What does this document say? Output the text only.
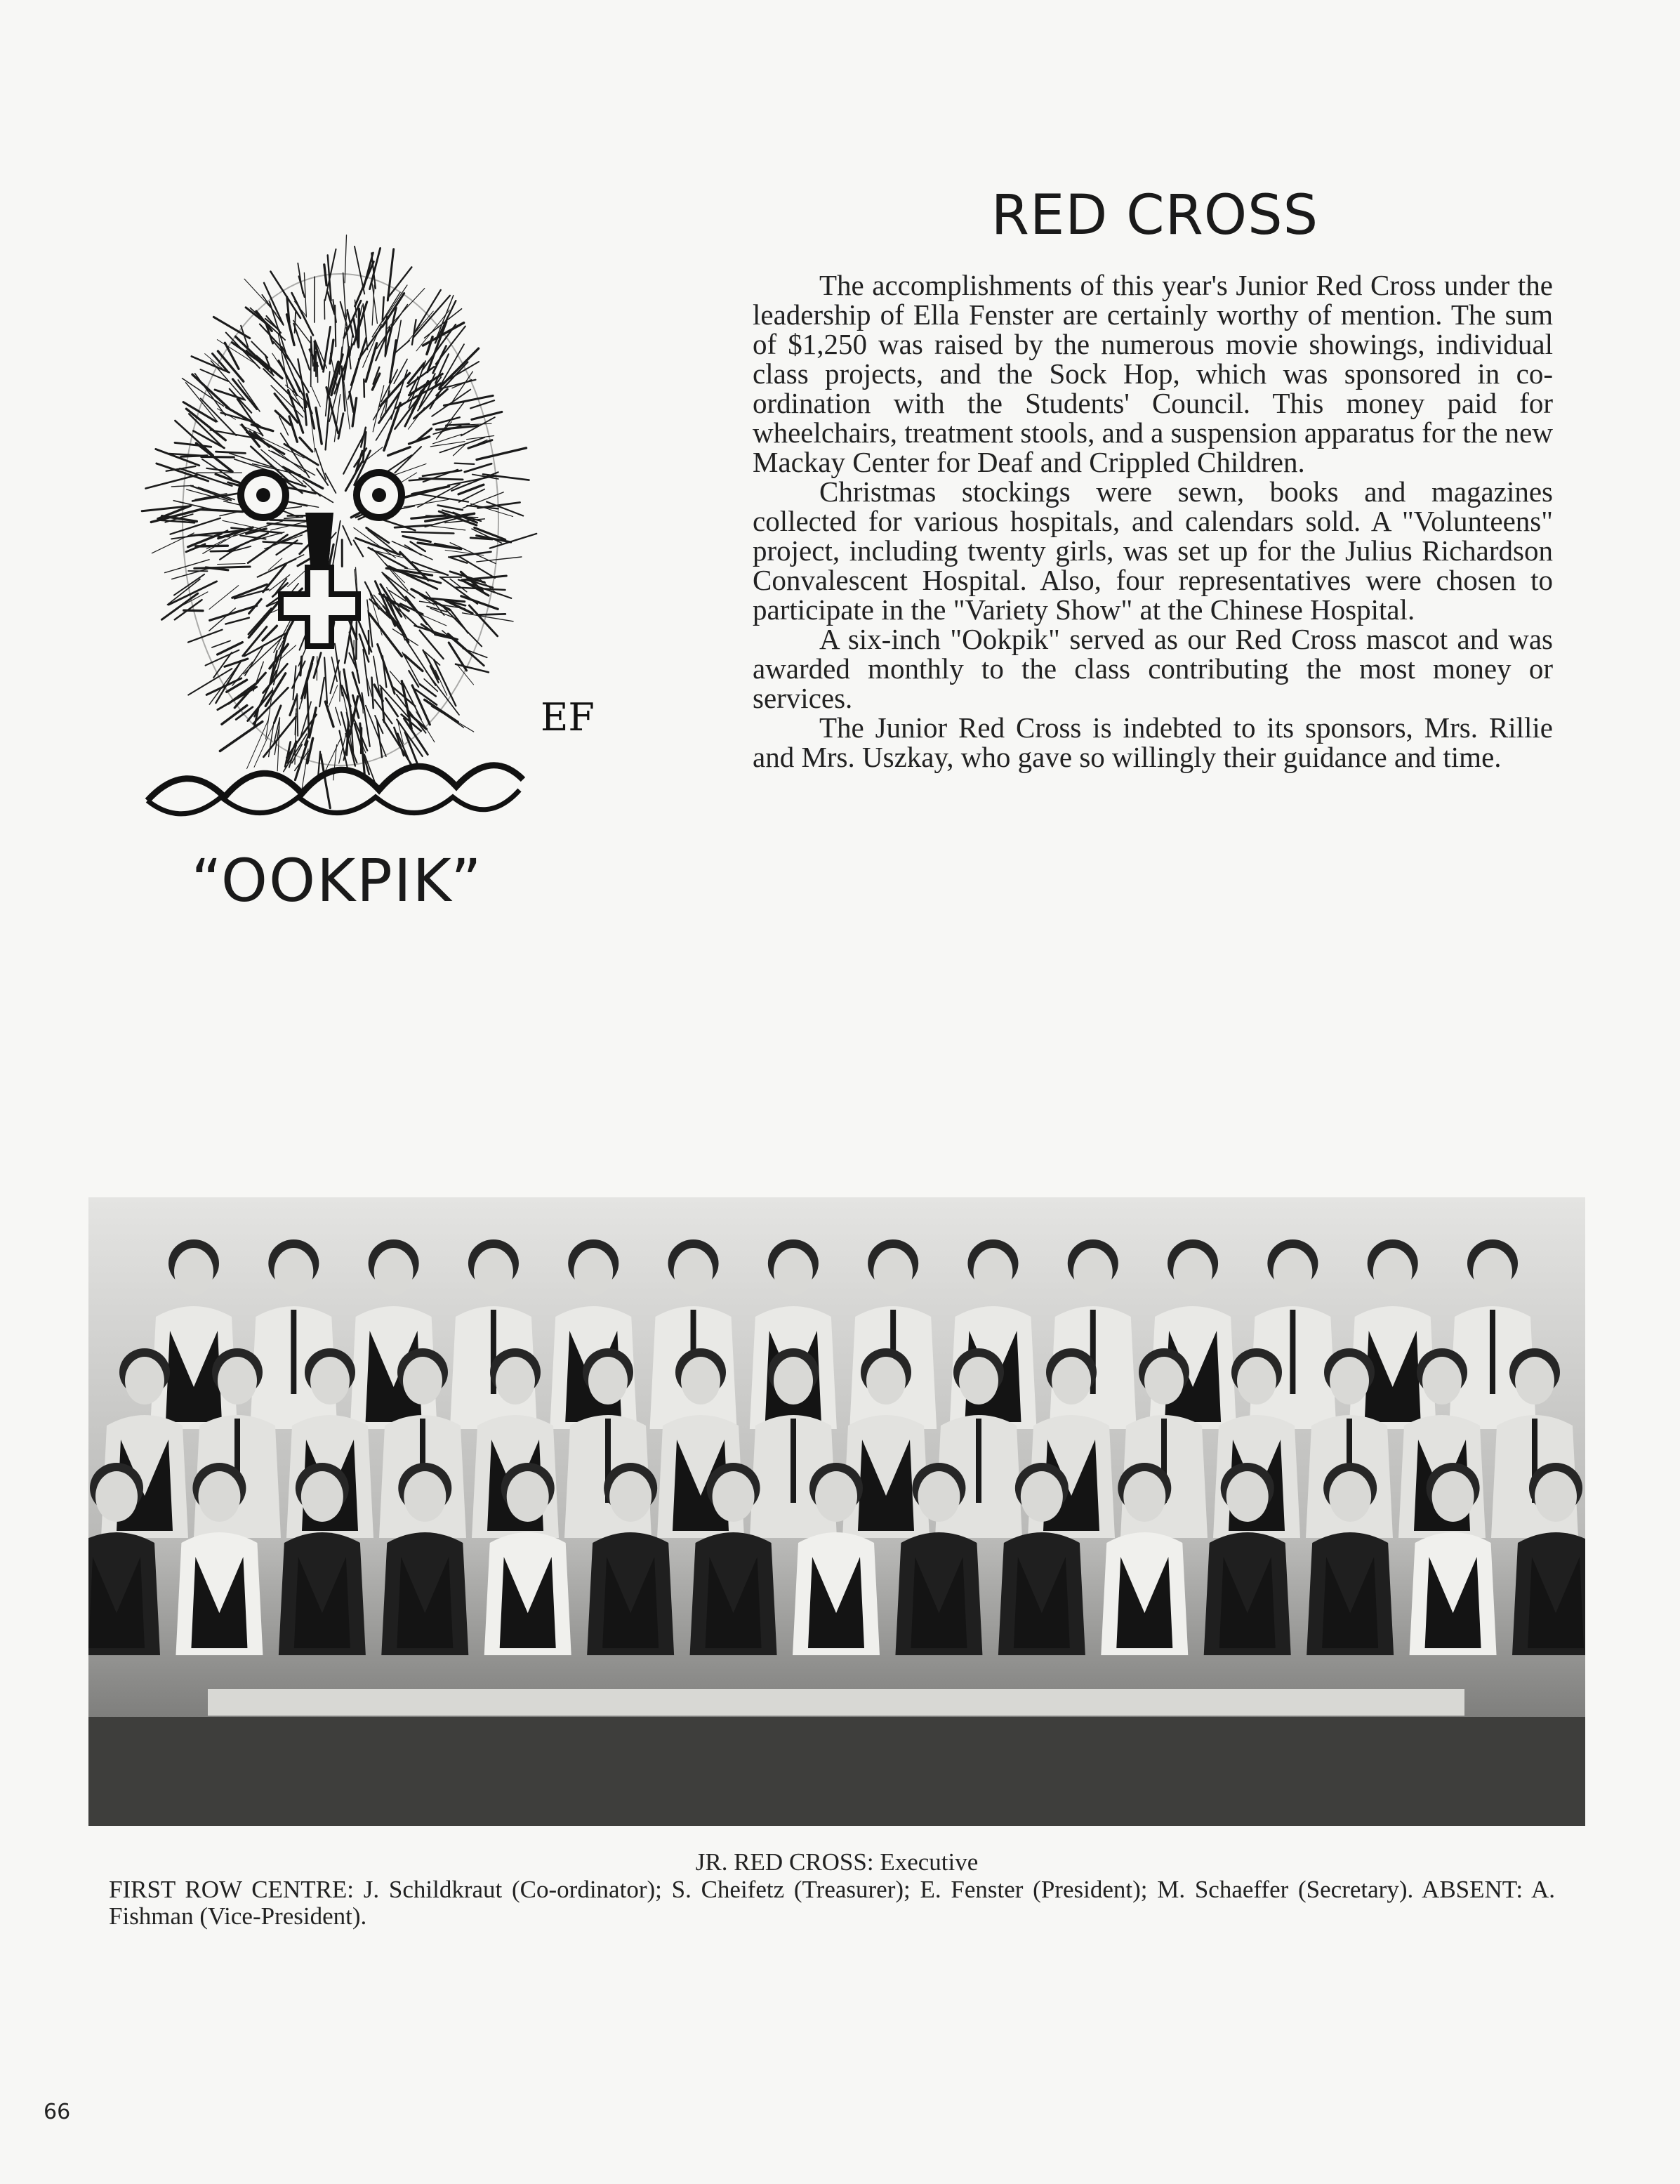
EF
“OOKPIK”
RED CROSS

The accomplishments of this year's Junior Red Cross under the leadership of Ella Fenster are certainly worthy of mention. The sum of $1,250 was raised by the numerous movie showings, individual class projects, and the Sock Hop, which was sponsored in co-ordination with the Students' Council. This money paid for wheelchairs, treatment stools, and a suspension apparatus for the new Mackay Center for Deaf and Crippled Children.

Christmas stockings were sewn, books and magazines collected for various hospitals, and calendars sold. A "Volunteens" project, including twenty girls, was set up for the Julius Richardson Convalescent Hospital. Also, four representatives were chosen to participate in the "Variety Show" at the Chinese Hospital.

A six-inch "Ookpik" served as our Red Cross mascot and was awarded monthly to the class contributing the most money or services.

The Junior Red Cross is indebted to its sponsors, Mrs. Rillie and Mrs. Uszkay, who gave so willingly their guidance and time.

JR. RED CROSS: Executive
FIRST ROW CENTRE: J. Schildkraut (Co-ordinator); S. Cheifetz (Treasurer); E. Fenster (President); M. Schaeffer (Secretary). ABSENT: A. Fishman (Vice-President).
66
